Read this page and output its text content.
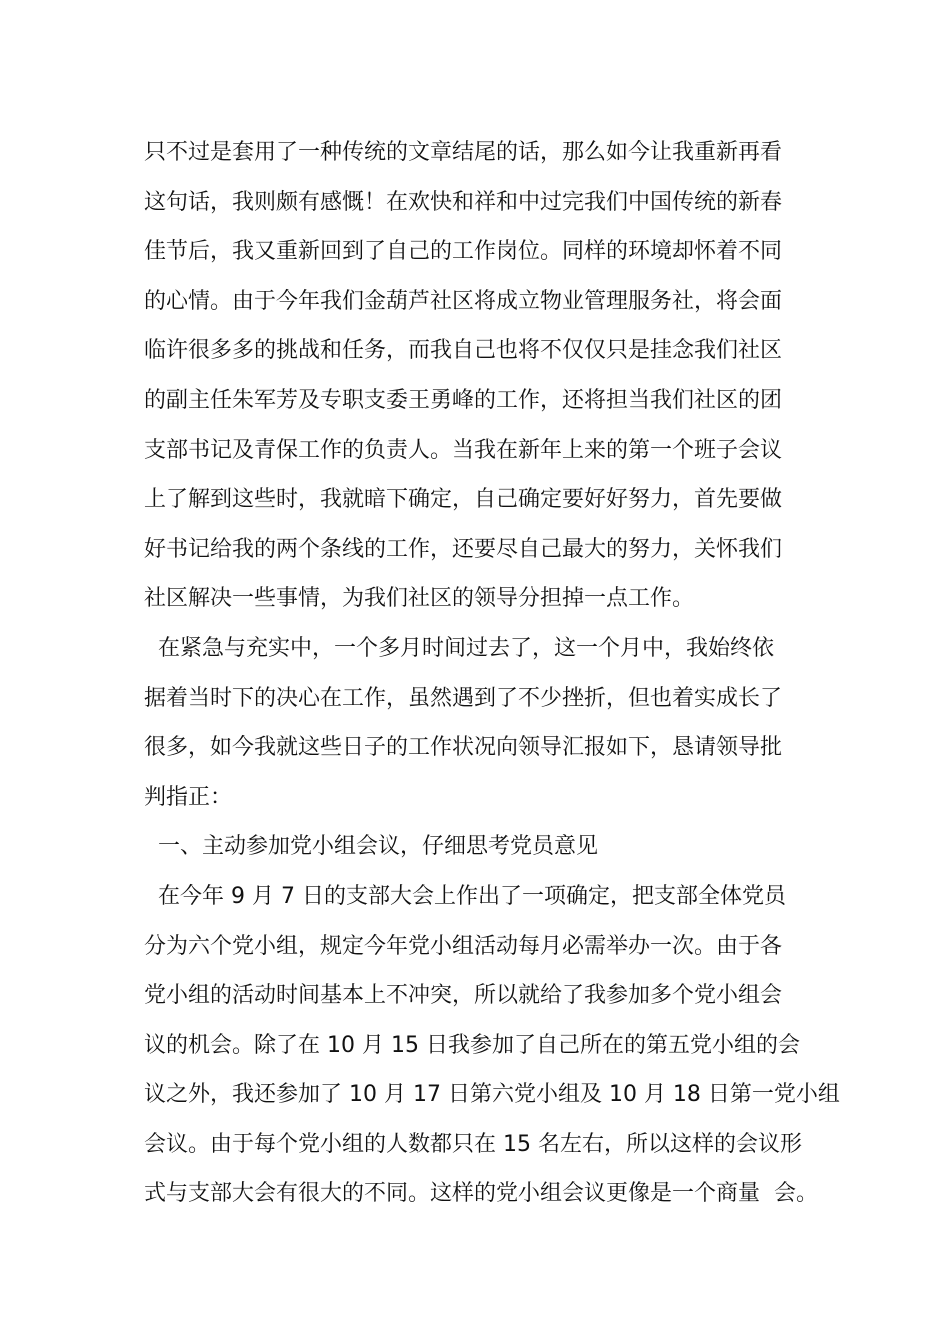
只不过是套用了一种传统的文章结尾的话，那么如今让我重新再看

这句话，我则颇有感慨！在欢快和祥和中过完我们中国传统的新春

佳节后，我又重新回到了自己的工作岗位。同样的环境却怀着不同

的心情。由于今年我们金葫芦社区将成立物业管理服务社，将会面

临许很多多的挑战和任务，而我自己也将不仅仅只是挂念我们社区

的副主任朱军芳及专职支委王勇峰的工作，还将担当我们社区的团

支部书记及青保工作的负责人。当我在新年上来的第一个班子会议

上了解到这些时，我就暗下确定，自己确定要好好努力，首先要做

好书记给我的两个条线的工作，还要尽自己最大的努力，关怀我们

社区解决一些事情，为我们社区的领导分担掉一点工作。

在紧急与充实中，一个多月时间过去了，这一个月中，我始终依

据着当时下的决心在工作，虽然遇到了不少挫折，但也着实成长了

很多，如今我就这些日子的工作状况向领导汇报如下，恳请领导批

判指正：

一、主动参加党小组会议，仔细思考党员意见

在今年 9 月 7 日的支部大会上作出了一项确定，把支部全体党员

分为六个党小组，规定今年党小组活动每月必需举办一次。由于各

党小组的活动时间基本上不冲突，所以就给了我参加多个党小组会

议的机会。除了在 10 月 15 日我参加了自己所在的第五党小组的会

议之外，我还参加了 10 月 17 日第六党小组及 10 月 18 日第一党小组

会议。由于每个党小组的人数都只在 15 名左右，所以这样的会议形

式与支部大会有很大的不同。这样的党小组会议更像是一个商量  会。
